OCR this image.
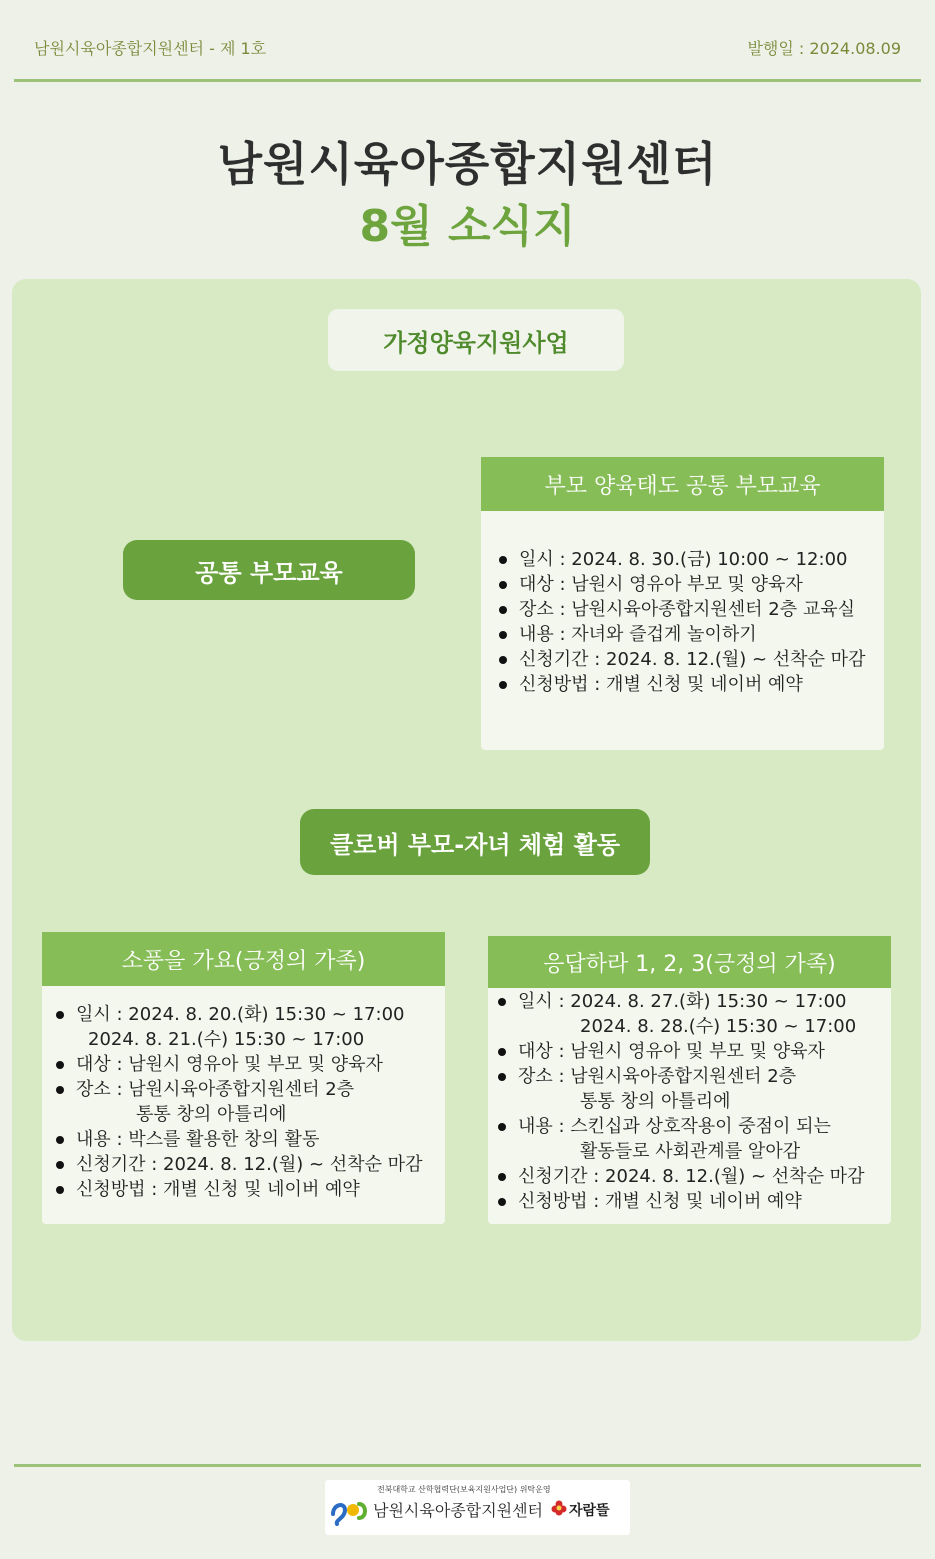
남원시육아종합지원센터 - 제 1호	발행일 : 2024.08.09
남원시육아종합지원센터
8월 소식지
가정양육지원사업
공통 부모교육
부모 양육태도 공통 부모교육
일시 : 2024. 8. 30.(금) 10:00 ~ 12:00
대상 : 남원시 영유아 부모 및 양육자
장소 : 남원시육아종합지원센터 2층 교육실
내용 : 자녀와 즐겁게 놀이하기
신청기간 : 2024. 8. 12.(월) ~ 선착순 마감
신청방법 : 개별 신청 및 네이버 예약
클로버 부모-자녀 체험 활동
소풍을 가요(긍정의 가족)
일시 : 2024. 8. 20.(화) 15:30 ~ 17:00
2024. 8. 21.(수) 15:30 ~ 17:00
대상 : 남원시 영유아 및 부모 및 양육자
장소 : 남원시육아종합지원센터 2층
통통 창의 아틀리에
내용 : 박스를 활용한 창의 활동
신청기간 : 2024. 8. 12.(월) ~ 선착순 마감
신청방법 : 개별 신청 및 네이버 예약
응답하라 1, 2, 3(긍정의 가족)
일시 : 2024. 8. 27.(화) 15:30 ~ 17:00
2024. 8. 28.(수) 15:30 ~ 17:00
대상 : 남원시 영유아 및 부모 및 양육자
장소 : 남원시육아종합지원센터 2층
통통 창의 아틀리에
내용 : 스킨십과 상호작용이 중점이 되는
활동들로 사회관계를 알아감
신청기간 : 2024. 8. 12.(월) ~ 선착순 마감
신청방법 : 개별 신청 및 네이버 예약
전북대학교 산학협력단(보육지원사업단) 위탁운영
남원시육아종합지원센터 자람뜰
